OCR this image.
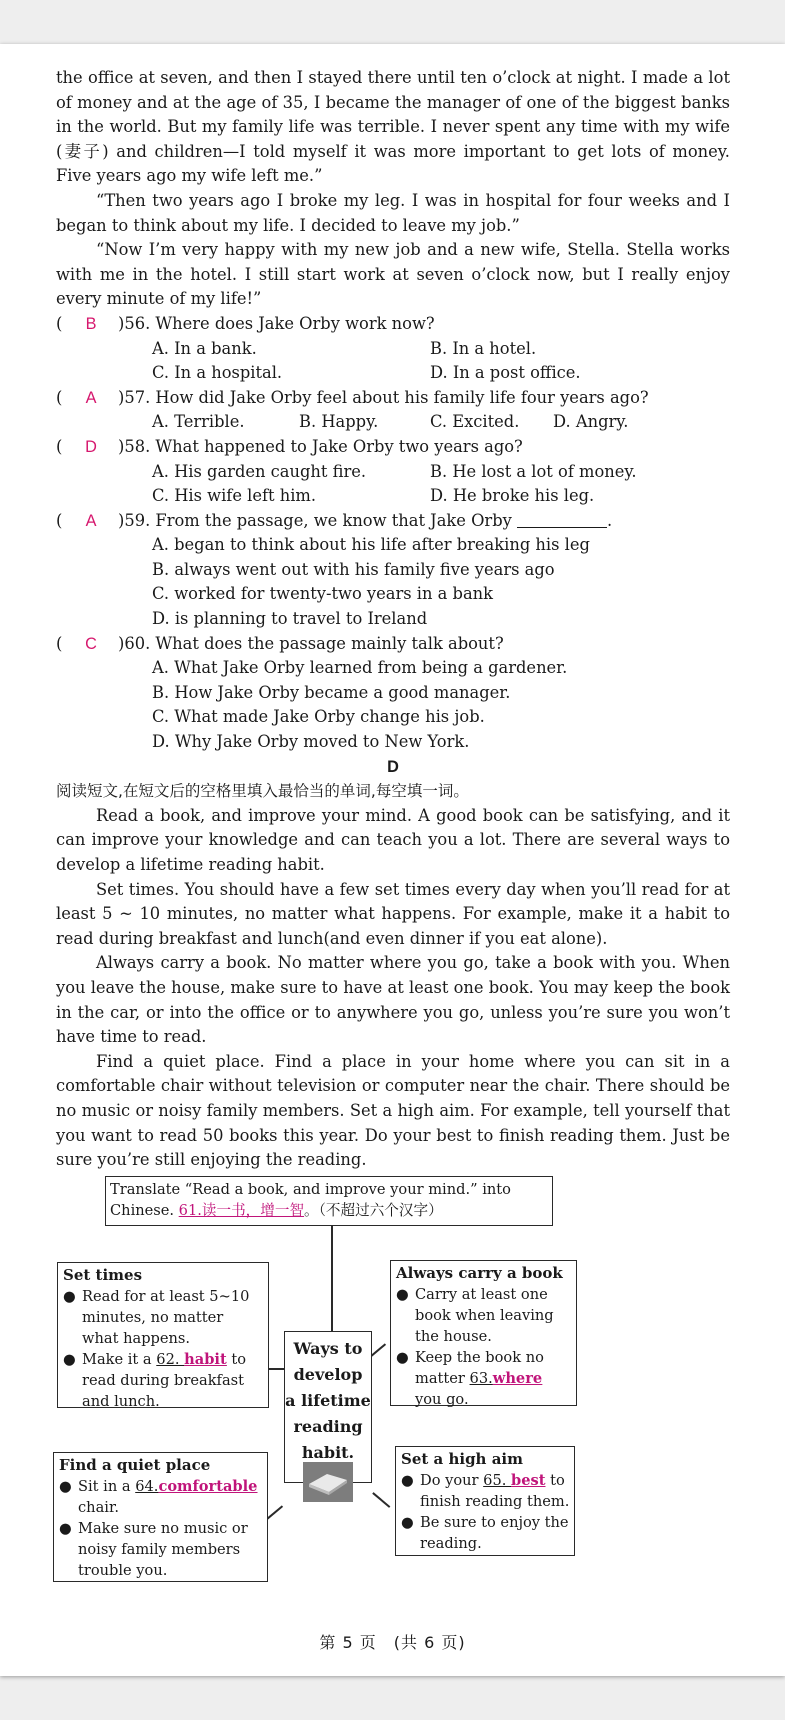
the office at seven, and then I stayed there until ten o’clock at night. I made a lot of money and at the age of 35, I became the manager of one of the biggest banks in the world. But my family life was terrible. I never spent any time with my wife (妻子) and children—I told myself it was more important to get lots of money. Five years ago my wife left me.”

“Then two years ago I broke my leg. I was in hospital for four weeks and I began to think about my life. I decided to leave my job.”

“Now I’m very happy with my new job and a new wife, Stella. Stella works with me in the hotel. I still start work at seven o’clock now, but I really enjoy every minute of my life!”

( B )56. Where does Jake Orby work now?
A. In a bank.	B. In a hotel.
C. In a hospital.	D. In a post office.
( A )57. How did Jake Orby feel about his family life four years ago?
A. Terrible.	B. Happy.	C. Excited. D. Angry.
( D )58. What happened to Jake Orby two years ago?
A. His garden caught fire.	B. He lost a lot of money.
C. His wife left him.	D. He broke his leg.
( A )59. From the passage, we know that Jake Orby	.
A. began to think about his life after breaking his leg
B. always went out with his family five years ago
C. worked for twenty-two years in a bank
D. is planning to travel to Ireland
( C )60. What does the passage mainly talk about?
A. What Jake Orby learned from being a gardener.
B. How Jake Orby became a good manager.
C. What made Jake Orby change his job.
D. Why Jake Orby moved to New York.
D

阅读短文,在短文后的空格里填入最恰当的单词,每空填一词。

Read a book, and improve your mind. A good book can be satisfying, and it can improve your knowledge and can teach you a lot. There are several ways to develop a lifetime reading habit.

Set times. You should have a few set times every day when you’ll read for at least 5 ~ 10 minutes, no matter what happens. For example, make it a habit to read during breakfast and lunch(and even dinner if you eat alone).

Always carry a book. No matter where you go, take a book with you. When you leave the house, make sure to have at least one book. You may keep the book in the car, or into the office or to anywhere you go, unless you’re sure you won’t have time to read.

Find a quiet place. Find a place in your home where you can sit in a comfortable chair without television or computer near the chair. There should be no music or noisy family members. Set a high aim. For example, tell yourself that you want to read 50 books this year. Do your best to finish reading them. Just be sure you’re still enjoying the reading.

Translate “Read a book, and improve your mind.” into
Chinese. 61.读一书，增一智。（不超过六个汉字）
Set times
● Read for at least 5~10 minutes, no matter what happens.
● Make it a 62. habit to read during breakfast and lunch.
Ways to
develop
a lifetime
reading
habit.
Always carry a book
● Carry at least one book when leaving the house.
● Keep the book no matter 63.where you go.
Find a quiet place
● Sit in a 64.comfortable chair.
● Make sure no music or noisy family members trouble you.
Set a high aim
● Do your 65. best to finish reading them.
● Be sure to enjoy the reading.
第 5 页　(共 6 页)
